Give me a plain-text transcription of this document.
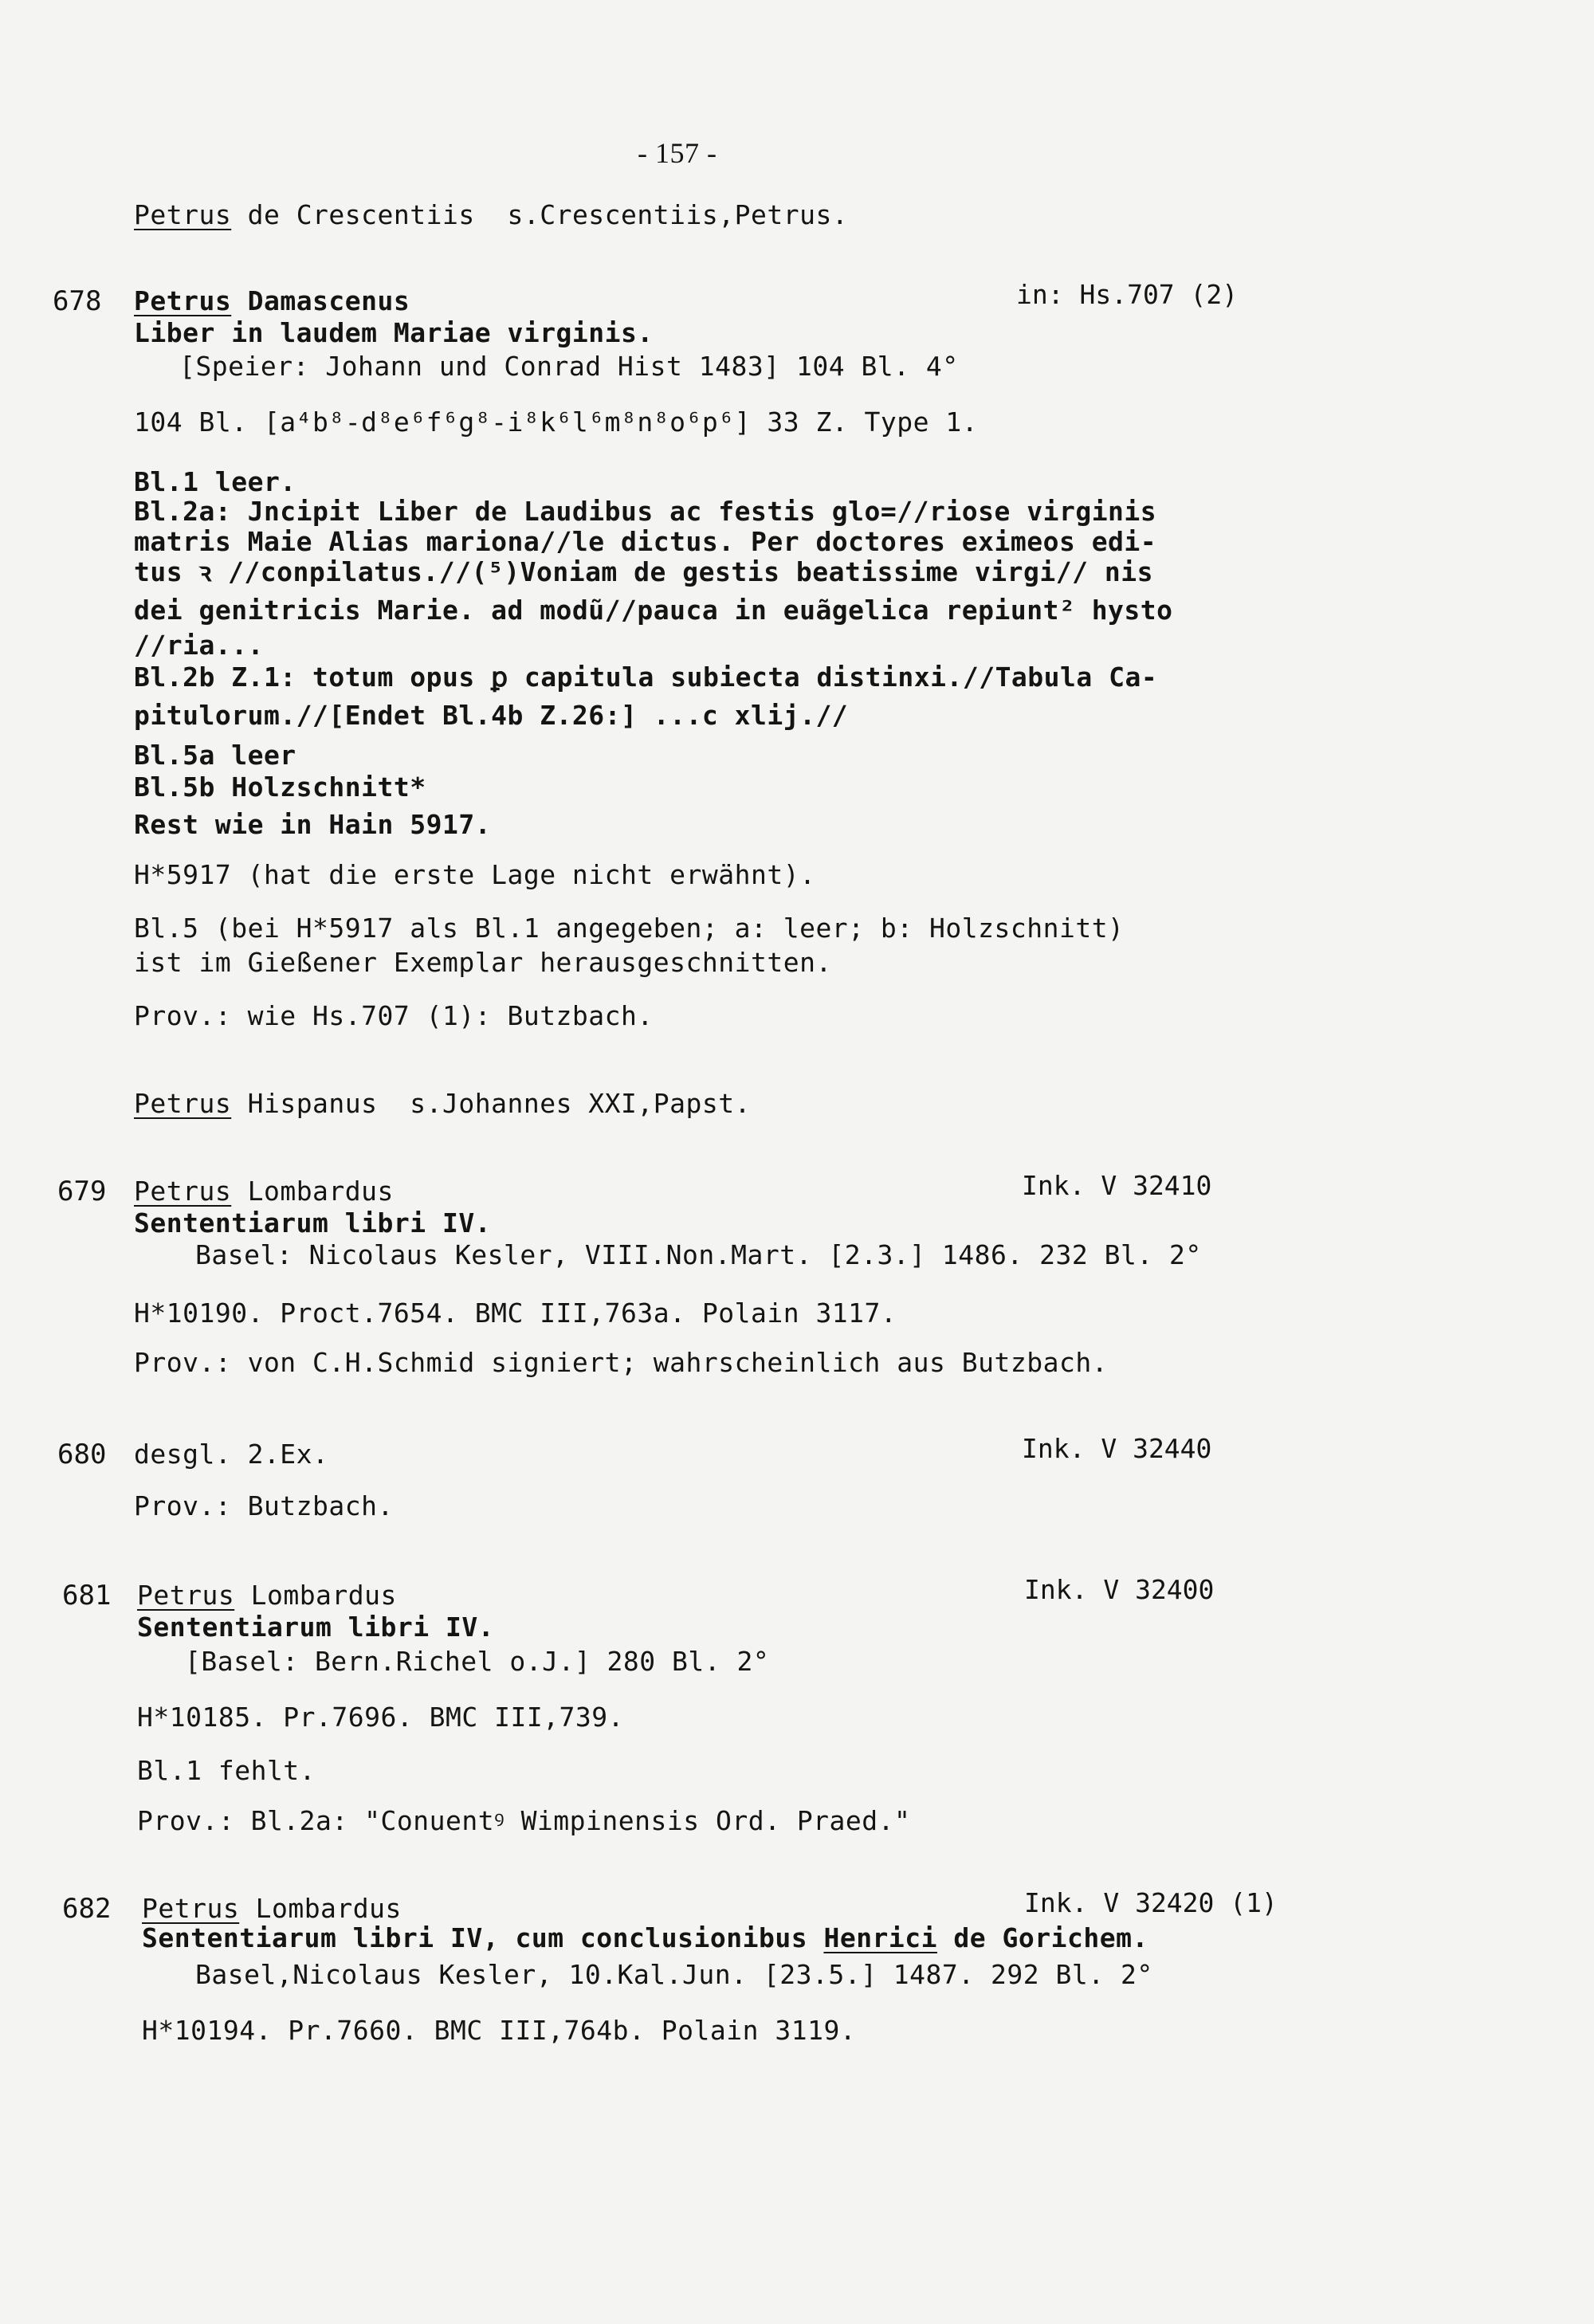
- 157 -
Petrus de Crescentiis  s.Crescentiis,Petrus.
678 Petrus Damascenus	in: Hs.707 (2)
Liber in laudem Mariae virginis.
[Speier: Johann und Conrad Hist 1483] 104 Bl. 4°
104 Bl. [a⁴b⁸-d⁸e⁶f⁶g⁸-i⁸k⁶l⁶m⁸n⁸o⁶p⁶] 33 Z. Type 1.
Bl.1 leer.
Bl.2a: Jncipit Liber de Laudibus ac festis glo=//riose virginis
matris Maie Alias mariona//le dictus. Per doctores eximeos edi-
tus ꝛ //conpilatus.//(⁵)Voniam de gestis beatissime virgi// nis
dei genitricis Marie. ad modũ//pauca in euãgelica repiunt² hysto
//ria...
Bl.2b Z.1: totum opus ꝑ capitula subiecta distinxi.//Tabula Ca-
pitulorum.//[Endet Bl.4b Z.26:] ...c xlij.//
Bl.5a leer
Bl.5b Holzschnitt*
Rest wie in Hain 5917.
H*5917 (hat die erste Lage nicht erwähnt).
Bl.5 (bei H*5917 als Bl.1 angegeben; a: leer; b: Holzschnitt)
ist im Gießener Exemplar herausgeschnitten.
Prov.: wie Hs.707 (1): Butzbach.
Petrus Hispanus  s.Johannes XXI,Papst.
679 Petrus Lombardus	Ink. V 32410
Sententiarum libri IV.
Basel: Nicolaus Kesler, VIII.Non.Mart. [2.3.] 1486. 232 Bl. 2°
H*10190. Proct.7654. BMC III,763a. Polain 3117.
Prov.: von C.H.Schmid signiert; wahrscheinlich aus Butzbach.
680 desgl. 2.Ex.	Ink. V 32440
Prov.: Butzbach.
681 Petrus Lombardus	Ink. V 32400
Sententiarum libri IV.
[Basel: Bern.Richel o.J.] 280 Bl. 2°
H*10185. Pr.7696. BMC III,739.
Bl.1 fehlt.
Prov.: Bl.2a: "Conuentꝰ Wimpinensis Ord. Praed."
682 Petrus Lombardus	Ink. V 32420 (1)
Sententiarum libri IV, cum conclusionibus Henrici de Gorichem.
Basel,Nicolaus Kesler, 10.Kal.Jun. [23.5.] 1487. 292 Bl. 2°
H*10194. Pr.7660. BMC III,764b. Polain 3119.
